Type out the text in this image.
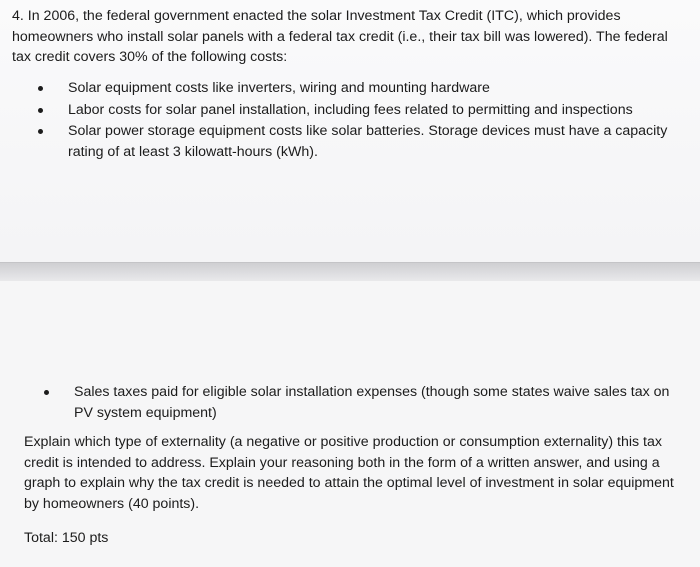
4. In 2006, the federal government enacted the solar Investment Tax Credit (ITC), which provides homeowners who install solar panels with a federal tax credit (i.e., their tax bill was lowered). The federal tax credit covers 30% of the following costs:

Solar equipment costs like inverters, wiring and mounting hardware
Labor costs for solar panel installation, including fees related to permitting and inspections
Solar power storage equipment costs like solar batteries. Storage devices must have a capacity rating of at least 3 kilowatt-hours (kWh).
Sales taxes paid for eligible solar installation expenses (though some states waive sales tax on PV system equipment)

Explain which type of externality (a negative or positive production or consumption externality) this tax credit is intended to address. Explain your reasoning both in the form of a written answer, and using a graph to explain why the tax credit is needed to attain the optimal level of investment in solar equipment by homeowners (40 points).

Total: 150 pts
